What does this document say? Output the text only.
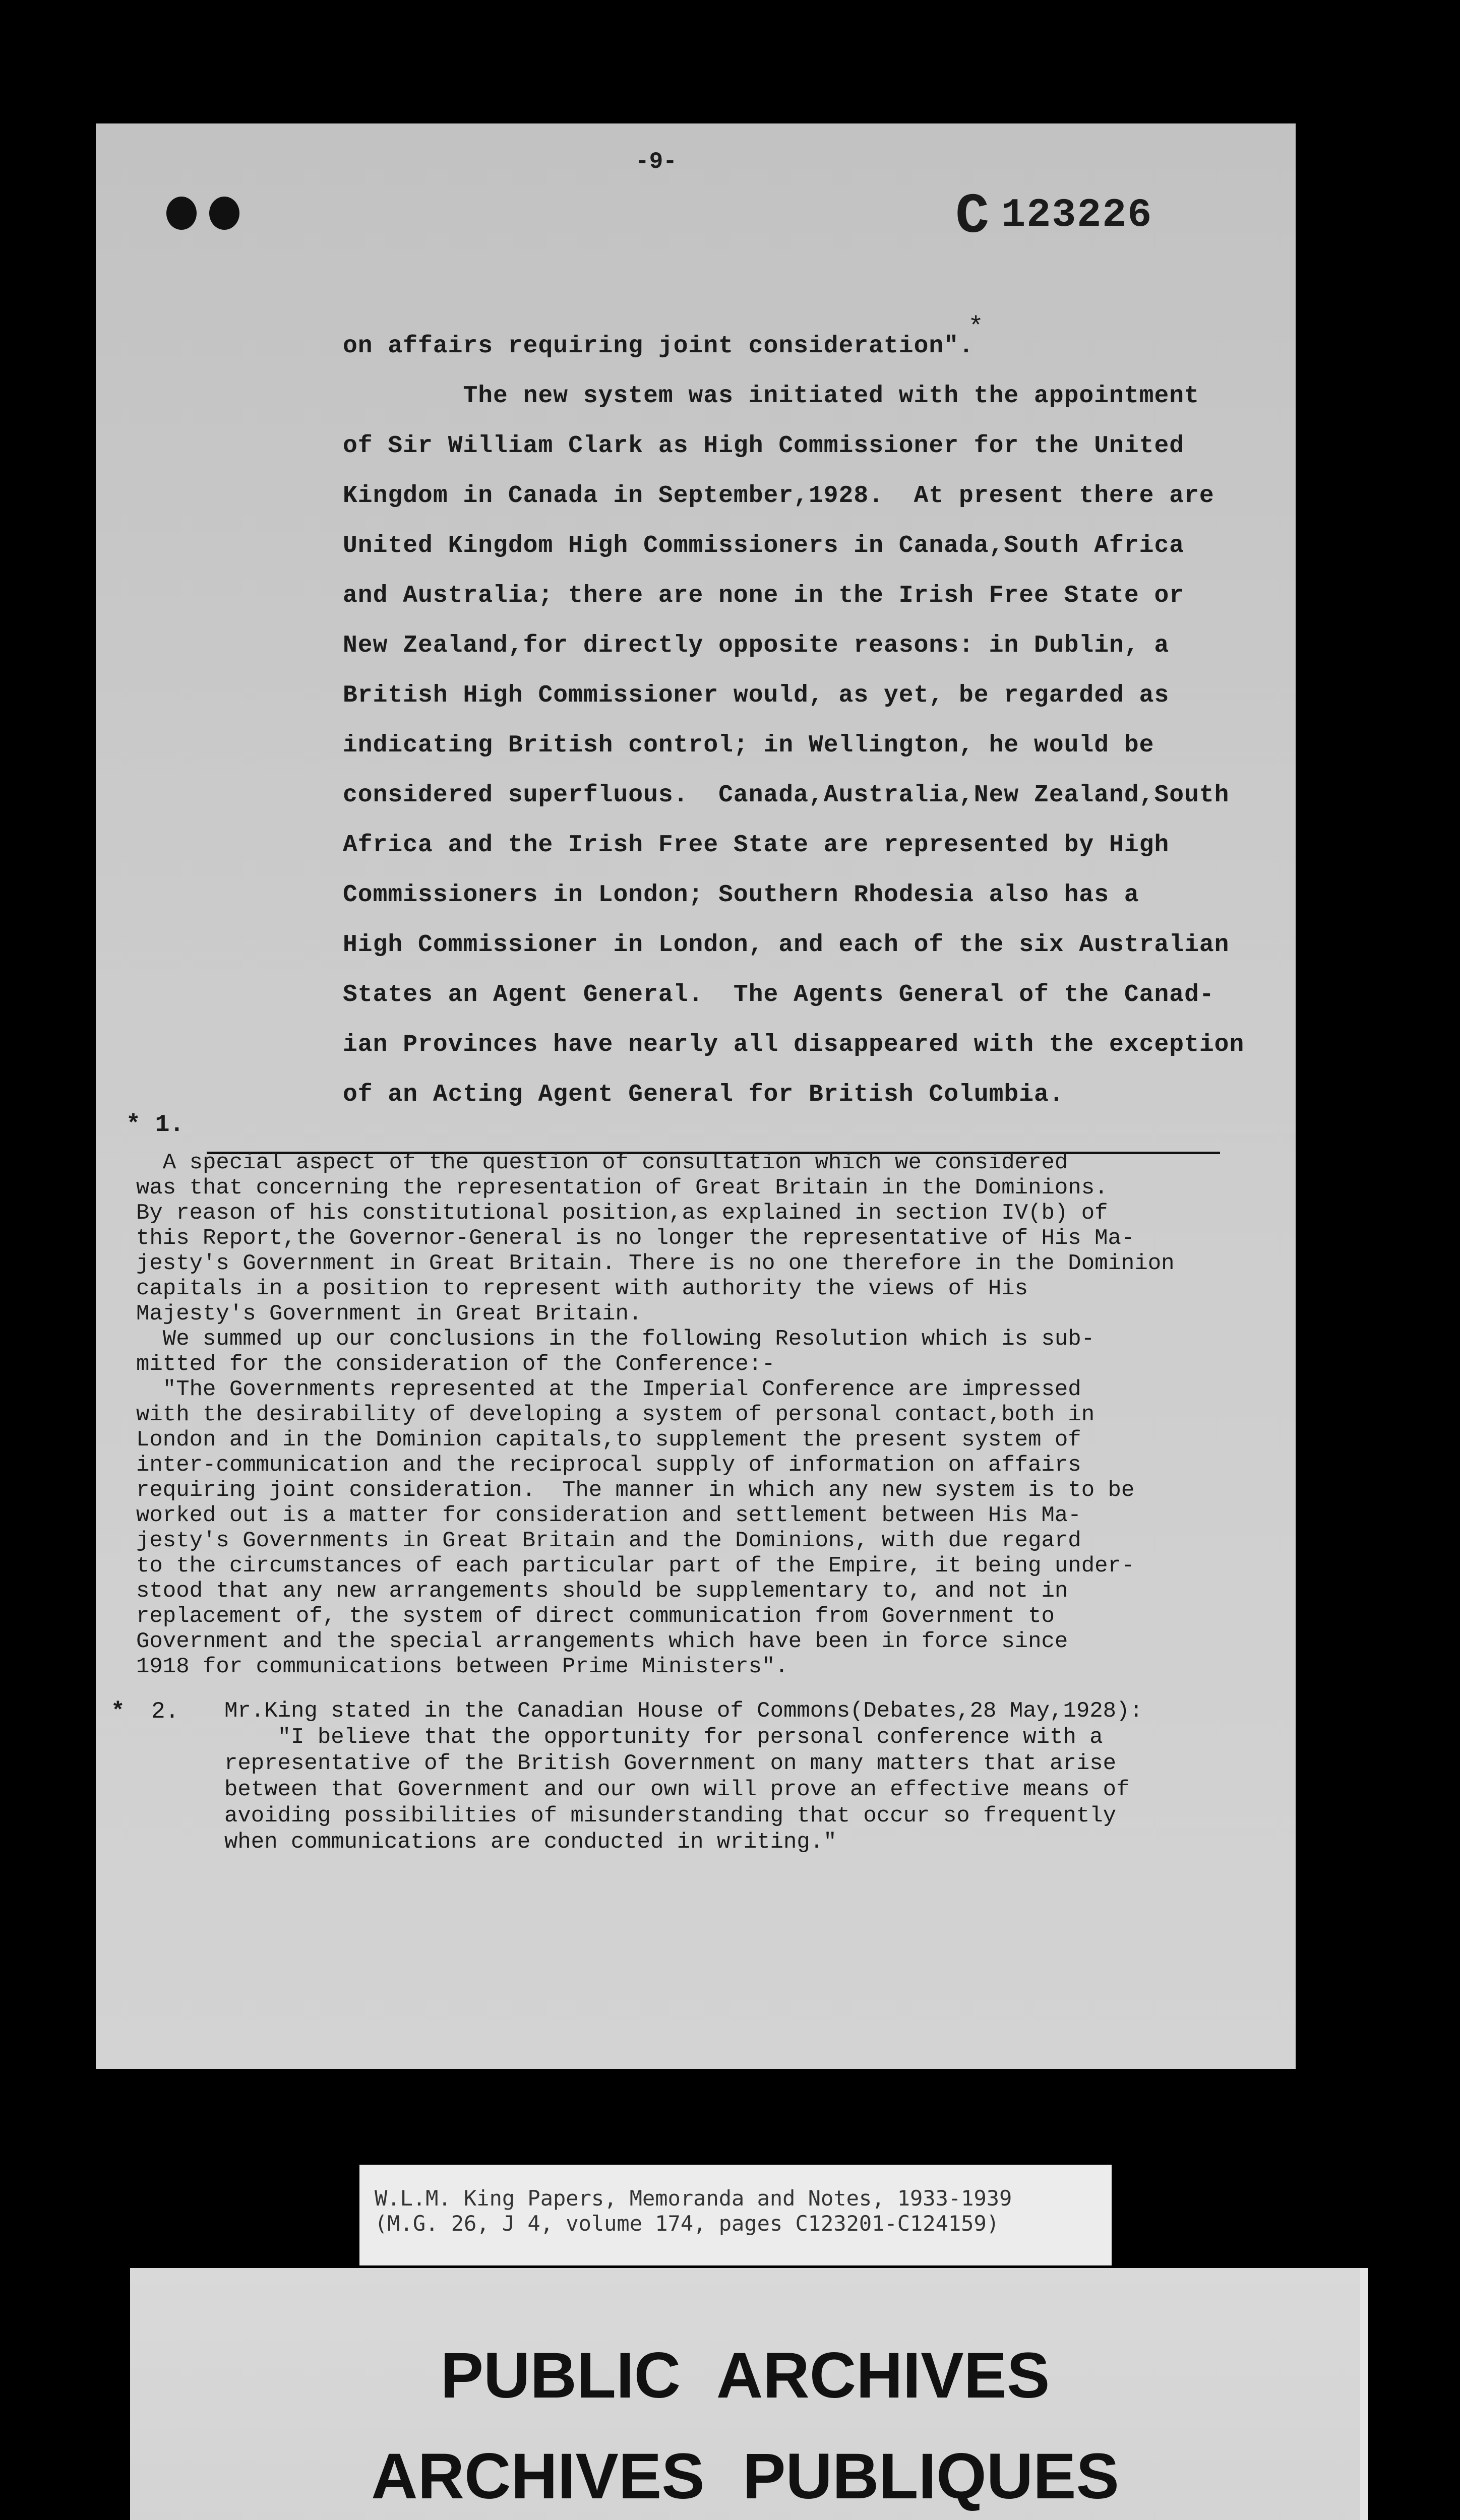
-9-
C 123226
*
on affairs requiring joint consideration".
The new system was initiated with the appointment
of Sir William Clark as High Commissioner for the United
Kingdom in Canada in September,1928.  At present there are
United Kingdom High Commissioners in Canada,South Africa
and Australia; there are none in the Irish Free State or
New Zealand,for directly opposite reasons: in Dublin, a
British High Commissioner would, as yet, be regarded as
indicating British control; in Wellington, he would be
considered superfluous.  Canada,Australia,New Zealand,South
Africa and the Irish Free State are represented by High
Commissioners in London; Southern Rhodesia also has a
High Commissioner in London, and each of the six Australian
States an Agent General.  The Agents General of the Canad-
ian Provinces have nearly all disappeared with the exception
of an Acting Agent General for British Columbia.
* 1.
A special aspect of the question of consultation which we considered
was that concerning the representation of Great Britain in the Dominions.
By reason of his constitutional position,as explained in section IV(b) of
this Report,the Governor-General is no longer the representative of His Ma-
jesty's Government in Great Britain. There is no one therefore in the Dominion
capitals in a position to represent with authority the views of His
Majesty's Government in Great Britain.
We summed up our conclusions in the following Resolution which is sub-
mitted for the consideration of the Conference:-
"The Governments represented at the Imperial Conference are impressed
with the desirability of developing a system of personal contact,both in
London and in the Dominion capitals,to supplement the present system of
inter-communication and the reciprocal supply of information on affairs
requiring joint consideration.  The manner in which any new system is to be
worked out is a matter for consideration and settlement between His Ma-
jesty's Governments in Great Britain and the Dominions, with due regard
to the circumstances of each particular part of the Empire, it being under-
stood that any new arrangements should be supplementary to, and not in
replacement of, the system of direct communication from Government to
Government and the special arrangements which have been in force since
1918 for communications between Prime Ministers".
* 2. Mr.King stated in the Canadian House of Commons(Debates,28 May,1928):
"I believe that the opportunity for personal conference with a
representative of the British Government on many matters that arise
between that Government and our own will prove an effective means of
avoiding possibilities of misunderstanding that occur so frequently
when communications are conducted in writing."
W.L.M. King Papers, Memoranda and Notes, 1933-1939
(M.G. 26, J 4, volume 174, pages C123201-C124159)
PUBLIC ARCHIVES
ARCHIVES PUBLIQUES
